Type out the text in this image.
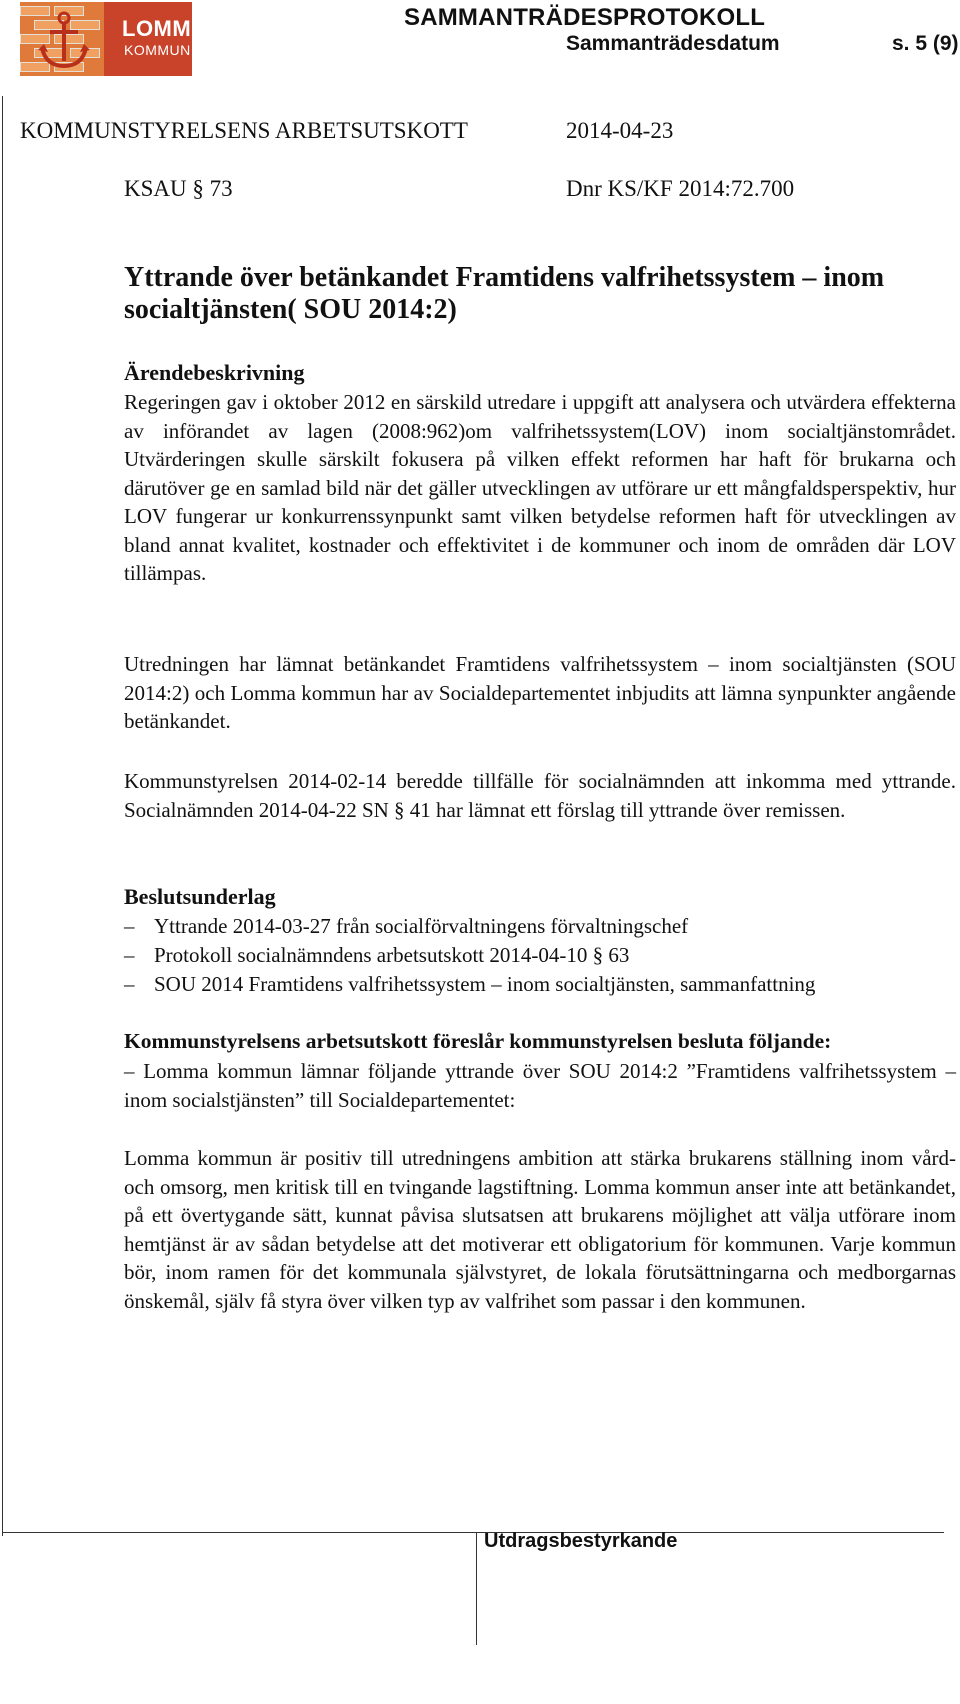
LOMMA
KOMMUN
SAMMANTRÄDESPROTOKOLL
Sammanträdesdatum	s. 5 (9)
KOMMUNSTYRELSENS ARBETSUTSKOTT	2014-04-23
KSAU § 73	Dnr KS/KF 2014:72.700
Yttrande över betänkandet Framtidens valfrihetssystem – inom socialtjänsten( SOU 2014:2)
Ärendebeskrivning
Regeringen gav i oktober 2012 en särskild utredare i uppgift att analysera och utvärdera effekterna av införandet av lagen (2008:962)om valfrihetssystem(LOV) inom socialtjänstområdet. Utvärderingen skulle särskilt fokusera på vilken effekt reformen har haft för brukarna och därutöver ge en samlad bild när det gäller utvecklingen av utförare ur ett mångfaldsperspektiv, hur LOV fungerar ur konkurrenssynpunkt samt vilken betydelse reformen haft för utvecklingen av bland annat kvalitet, kostnader och effektivitet i de kommuner och inom de områden där LOV tillämpas.
Utredningen har lämnat betänkandet Framtidens valfrihetssystem – inom socialtjänsten (SOU 2014:2) och Lomma kommun har av Socialdepartementet inbjudits att lämna synpunkter angående betänkandet.
Kommunstyrelsen 2014-02-14 beredde tillfälle för socialnämnden att inkomma med yttrande. Socialnämnden 2014-04-22 SN § 41 har lämnat ett förslag till yttrande över remissen.
Beslutsunderlag
– Yttrande 2014-03-27 från socialförvaltningens förvaltningschef
– Protokoll socialnämndens arbetsutskott 2014-04-10 § 63
– SOU 2014 Framtidens valfrihetssystem – inom socialtjänsten, sammanfattning
Kommunstyrelsens arbetsutskott föreslår kommunstyrelsen besluta följande:
– Lomma kommun lämnar följande yttrande över SOU 2014:2 ”Framtidens valfrihetssystem – inom socialstjänsten” till Socialdepartementet:
Lomma kommun är positiv till utredningens ambition att stärka brukarens ställning inom vård- och omsorg, men kritisk till en tvingande lagstiftning. Lomma kommun anser inte att betänkandet, på ett övertygande sätt, kunnat påvisa slutsatsen att brukarens möjlighet att välja utförare inom hemtjänst är av sådan betydelse att det motiverar ett obligatorium för kommunen. Varje kommun bör, inom ramen för det kommunala självstyret, de lokala förutsättningarna och medborgarnas önskemål, själv få styra över vilken typ av valfrihet som passar i den kommunen.
Utdragsbestyrkande
